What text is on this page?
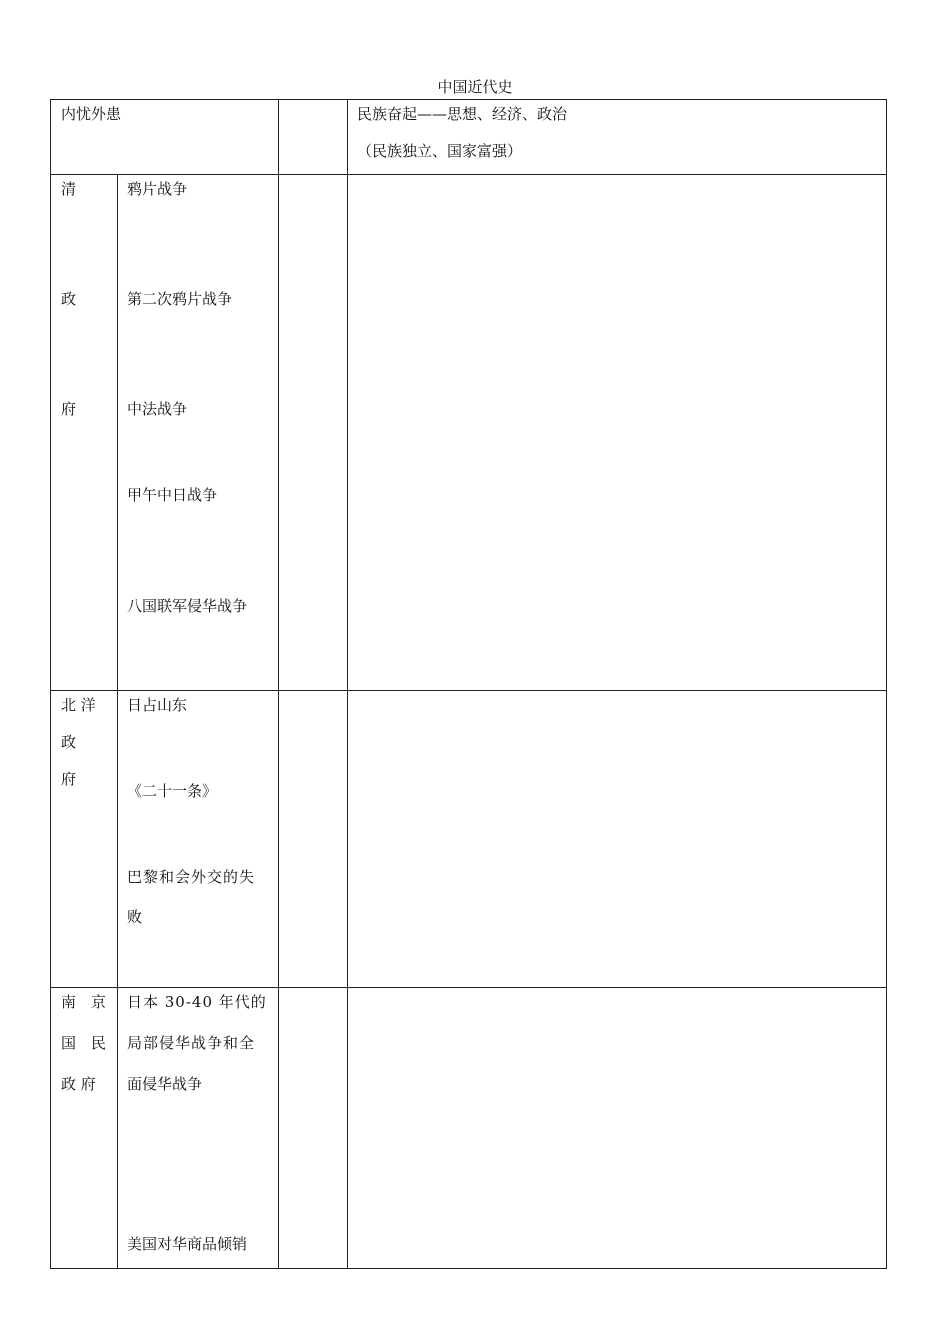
中国近代史
内忧外患	民族奋起——思想、经济、政治
（民族独立、国家富强）
清
政
府
鸦片战争
第二次鸦片战争
中法战争
甲午中日战争
八国联军侵华战争
北 洋
政
府
日占山东
《二十一条》
巴黎和会外交的失
败
南　京
国　民
政 府
日本 30-40 年代的
局部侵华战争和全
面侵华战争
美国对华商品倾销
